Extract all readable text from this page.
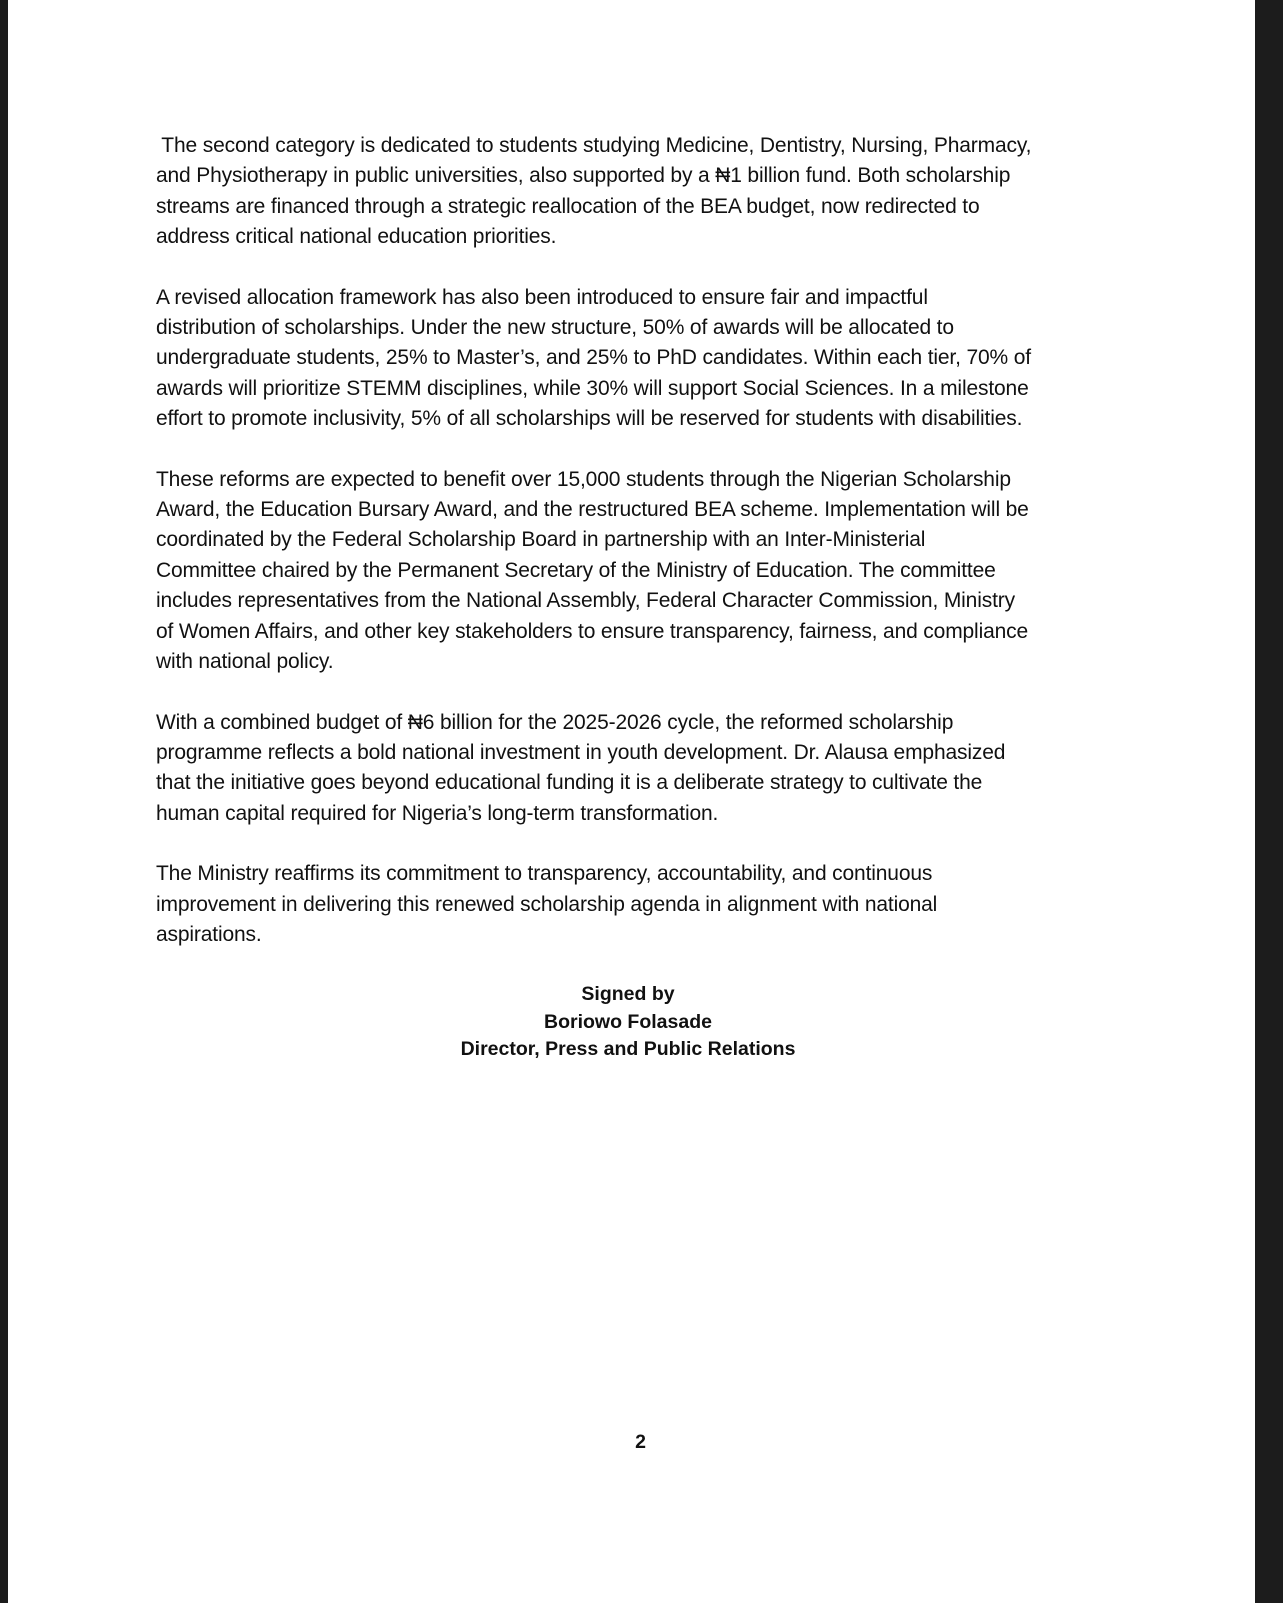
The second category is dedicated to students studying Medicine, Dentistry, Nursing, Pharmacy,
and Physiotherapy in public universities, also supported by a ₦1 billion fund. Both scholarship
streams are financed through a strategic reallocation of the BEA budget, now redirected to
address critical national education priorities.

A revised allocation framework has also been introduced to ensure fair and impactful
distribution of scholarships. Under the new structure, 50% of awards will be allocated to
undergraduate students, 25% to Master’s, and 25% to PhD candidates. Within each tier, 70% of
awards will prioritize STEMM disciplines, while 30% will support Social Sciences. In a milestone
effort to promote inclusivity, 5% of all scholarships will be reserved for students with disabilities.

These reforms are expected to benefit over 15,000 students through the Nigerian Scholarship
Award, the Education Bursary Award, and the restructured BEA scheme. Implementation will be
coordinated by the Federal Scholarship Board in partnership with an Inter-Ministerial
Committee chaired by the Permanent Secretary of the Ministry of Education. The committee
includes representatives from the National Assembly, Federal Character Commission, Ministry
of Women Affairs, and other key stakeholders to ensure transparency, fairness, and compliance
with national policy.

With a combined budget of ₦6 billion for the 2025-2026 cycle, the reformed scholarship
programme reflects a bold national investment in youth development. Dr. Alausa emphasized
that the initiative goes beyond educational funding it is a deliberate strategy to cultivate the
human capital required for Nigeria’s long-term transformation.

The Ministry reaffirms its commitment to transparency, accountability, and continuous
improvement in delivering this renewed scholarship agenda in alignment with national
aspirations.

Signed by
Boriowo Folasade
Director, Press and Public Relations
2
